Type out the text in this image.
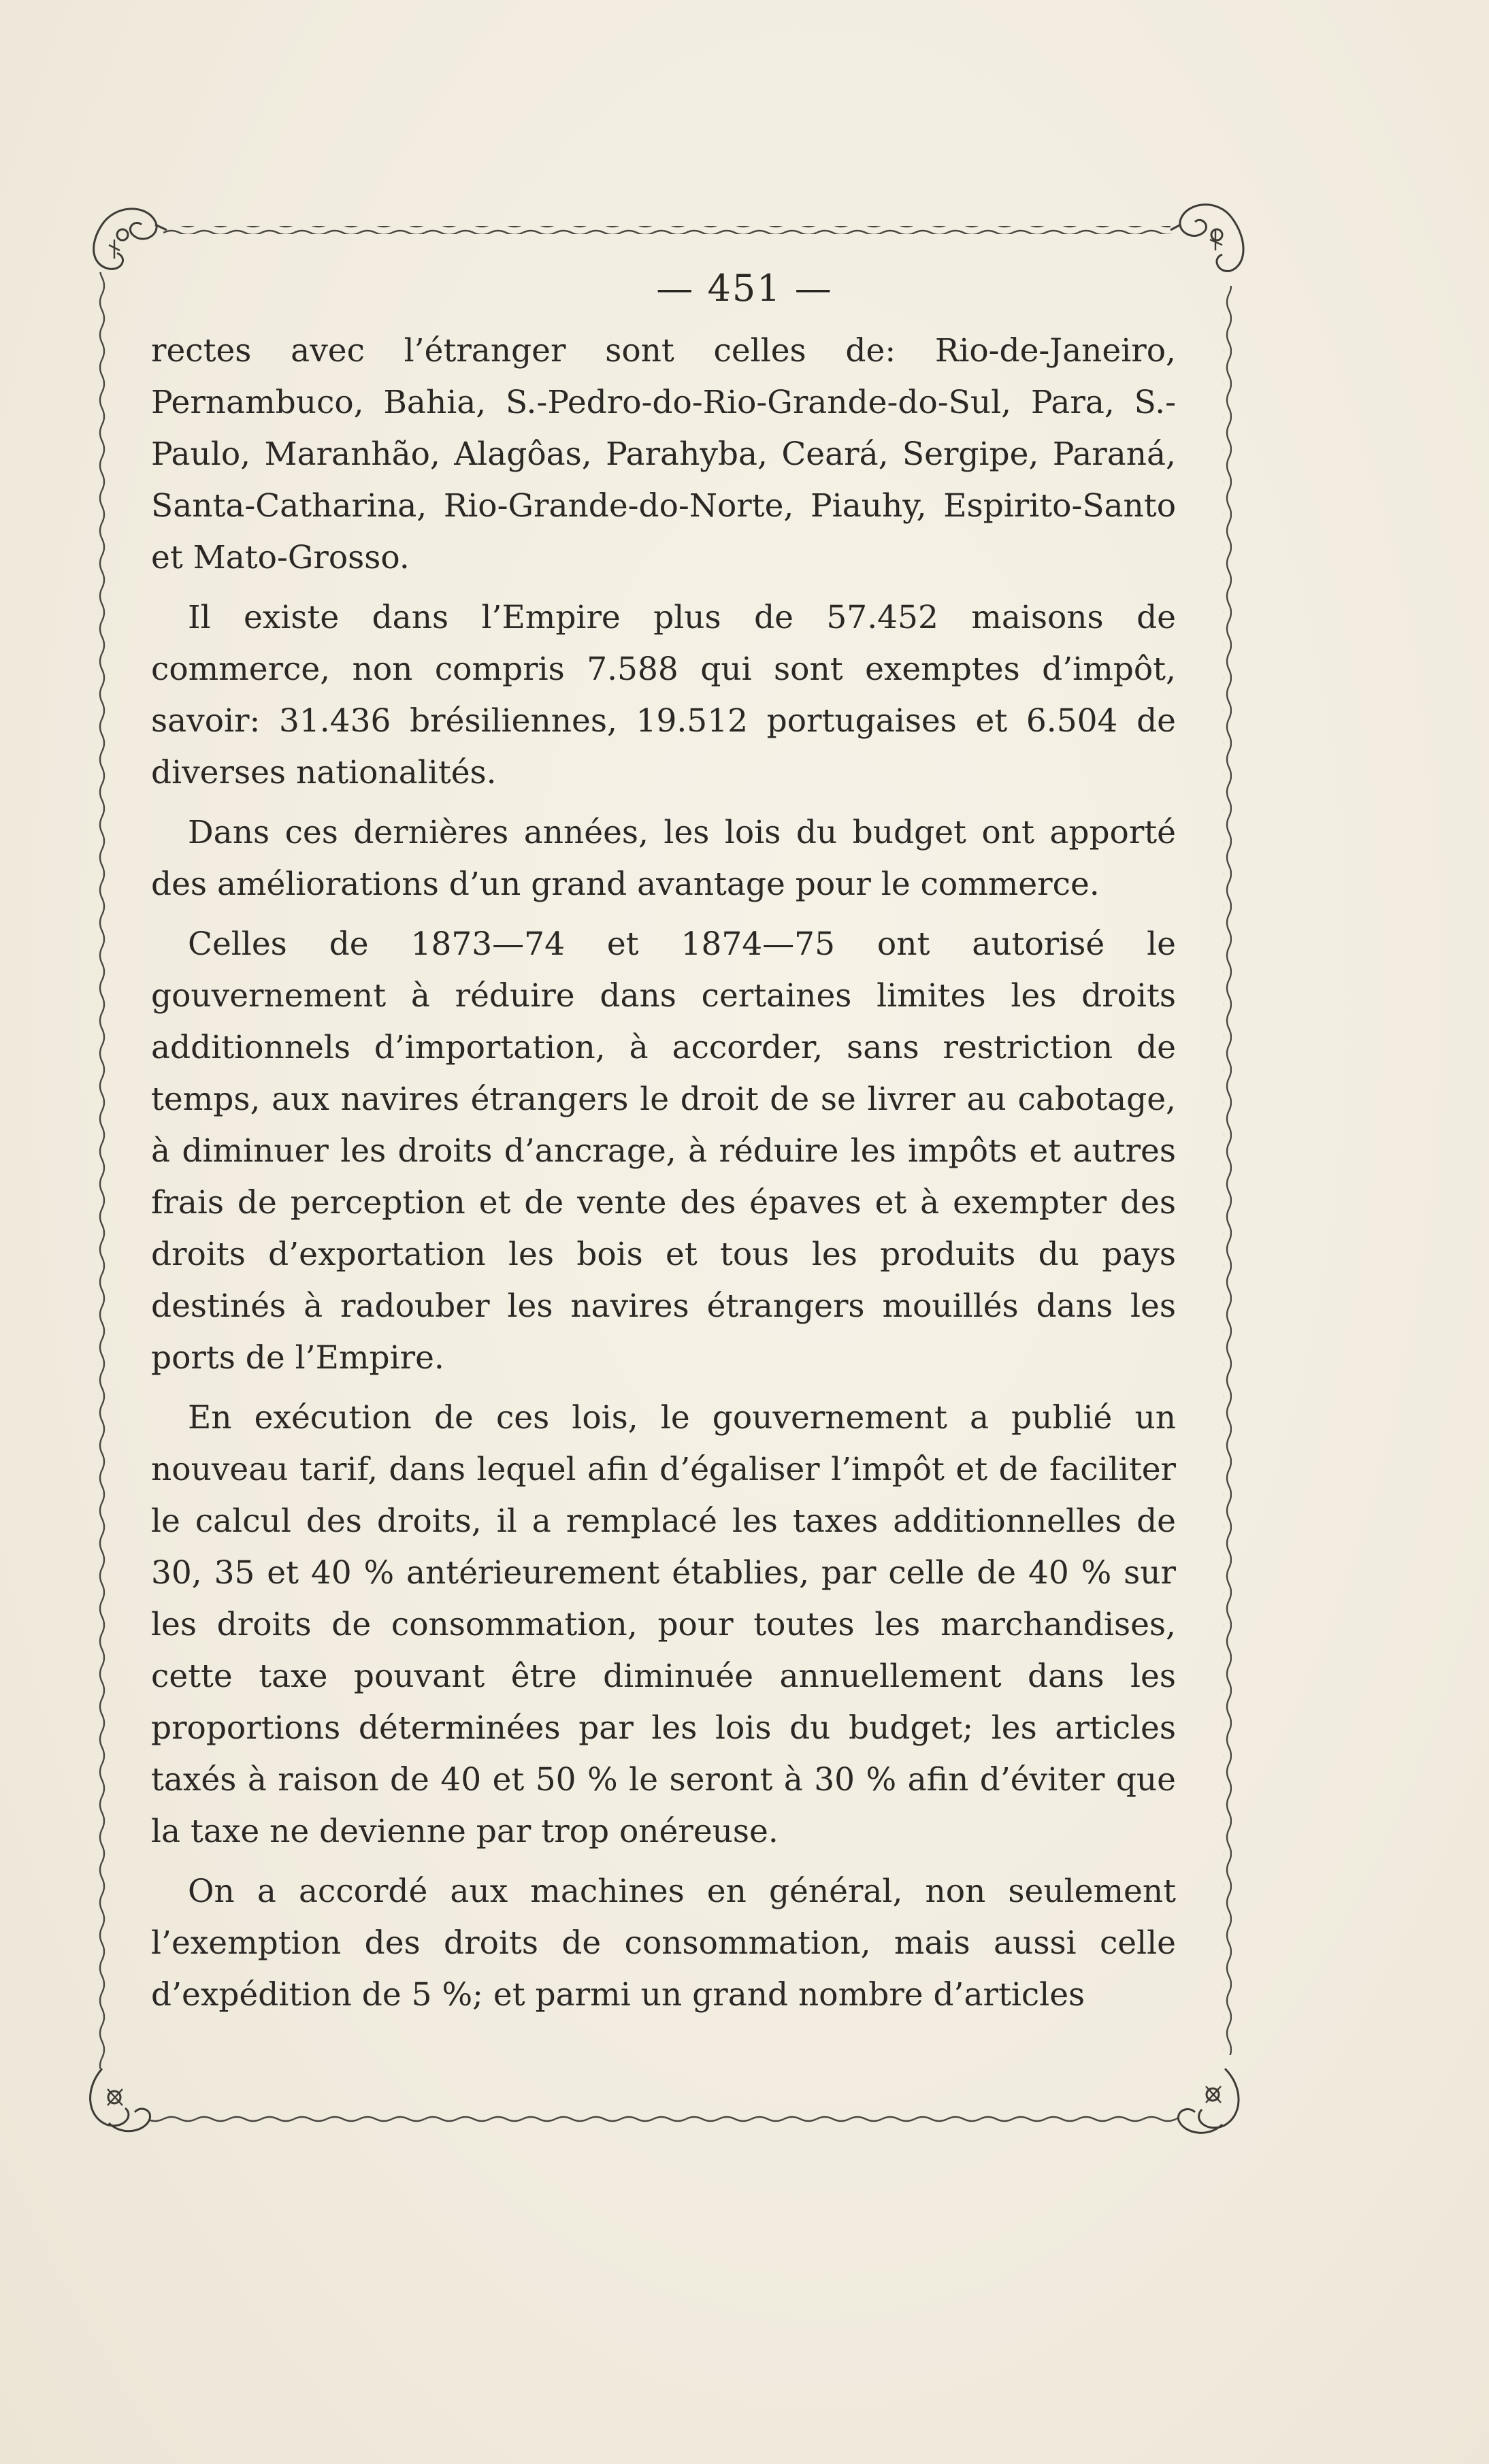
— 451 —

rectes avec l’étranger sont celles de: Rio-de-Janeiro, Pernambuco, Bahia, S.-Pedro-do-Rio-Grande-do-Sul, Para, S.-Paulo, Maranhão, Alagôas, Parahyba, Ceará, Sergipe, Paraná, Santa-Catharina, Rio-Grande-do-Norte, Piauhy, Espirito-Santo et Mato-Grosso.

Il existe dans l’Empire plus de 57.452 maisons de commerce, non compris 7.588 qui sont exemptes d’impôt, savoir: 31.436 brésiliennes, 19.512 portugaises et 6.504 de diverses nationalités.

Dans ces dernières années, les lois du budget ont apporté des améliorations d’un grand avantage pour le commerce.

Celles de 1873—74 et 1874—75 ont autorisé le gouvernement à réduire dans certaines limites les droits additionnels d’importation, à accorder, sans restriction de temps, aux navires étrangers le droit de se livrer au cabotage, à diminuer les droits d’ancrage, à réduire les impôts et autres frais de perception et de vente des épaves et à exempter des droits d’exportation les bois et tous les produits du pays destinés à radouber les navires étrangers mouillés dans les ports de l’Empire.

En exécution de ces lois, le gouvernement a publié un nouveau tarif, dans lequel afin d’égaliser l’impôt et de faciliter le calcul des droits, il a remplacé les taxes additionnelles de 30, 35 et 40 % antérieurement établies, par celle de 40 % sur les droits de consommation, pour toutes les marchandises, cette taxe pouvant être diminuée annuellement dans les proportions déterminées par les lois du budget; les articles taxés à raison de 40 et 50 % le seront à 30 % afin d’éviter que la taxe ne devienne par trop onéreuse.

On a accordé aux machines en général, non seulement l’exemption des droits de consommation, mais aussi celle d’expédition de 5 %; et parmi un grand nombre d’articles
